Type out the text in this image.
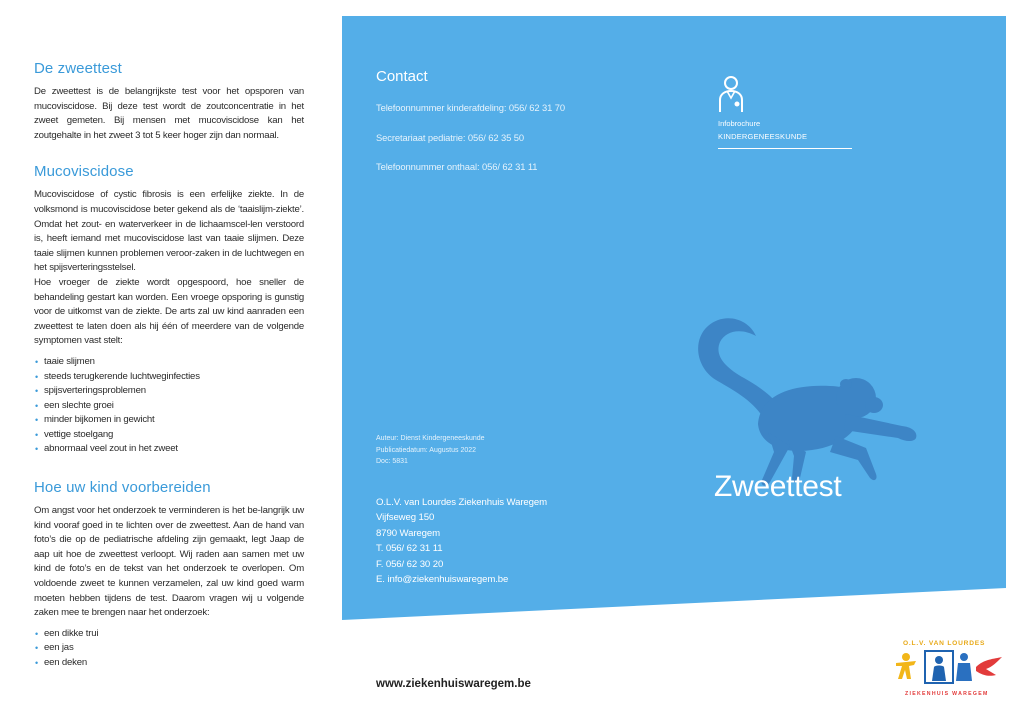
De zweettest

De zweettest is de belangrijkste test voor het opsporen van mucoviscidose. Bij deze test wordt de zoutconcentratie in het zweet gemeten. Bij mensen met mucoviscidose kan het zoutgehalte in het zweet 3 tot 5 keer hoger zijn dan normaal.

Mucoviscidose

Mucoviscidose of cystic fibrosis is een erfelijke ziekte. In de volksmond is mucoviscidose beter gekend als de ‘taaislijm-ziekte’. Omdat het zout- en waterverkeer in de lichaamscel-len verstoord is, heeft iemand met mucoviscidose last van taaie slijmen. Deze taaie slijmen kunnen problemen veroor-zaken in de luchtwegen en het spijsverteringsstelsel.

Hoe vroeger de ziekte wordt opgespoord, hoe sneller de behandeling gestart kan worden. Een vroege opsporing is gunstig voor de uitkomst van de ziekte. De arts zal uw kind aanraden een zweettest te laten doen als hij één of meerdere van de volgende symptomen vast stelt:

• taaie slijmen
• steeds terugkerende luchtweginfecties
• spijsverteringsproblemen
• een slechte groei
• minder bijkomen in gewicht
• vettige stoelgang
• abnormaal veel zout in het zweet
Hoe uw kind voorbereiden

Om angst voor het onderzoek te verminderen is het be-langrijk uw kind vooraf goed in te lichten over de zweettest. Aan de hand van foto’s die op de pediatrische afdeling zijn gemaakt, legt Jaap de aap uit hoe de zweettest verloopt. Wij raden aan samen met uw kind de foto’s en de tekst van het onderzoek te overlopen. Om voldoende zweet te kunnen verzamelen, zal uw kind goed warm moeten hebben tijdens de test. Daarom vragen wij u volgende zaken mee te brengen naar het onderzoek:

• een dikke trui
• een jas
• een deken
Contact
Telefoonnummer kinderafdeling: 056/ 62 31 70
Secretariaat pediatrie: 056/ 62 35 50
Telefoonnummer onthaal: 056/ 62 31 11
Infobrochure
KINDERGENEESKUNDE
Auteur: Dienst Kindergeneeskunde
Publicatiedatum: Augustus 2022
Doc: 5831
Zweettest
O.L.V. van Lourdes Ziekenhuis Waregem
Vijfseweg 150
8790 Waregem
T. 056/ 62 31 11
F. 056/ 62 30 20
E. info@ziekenhuiswaregem.be
www.ziekenhuiswaregem.be
O.L.V. VAN LOURDES
ZIEKENHUIS WAREGEM
